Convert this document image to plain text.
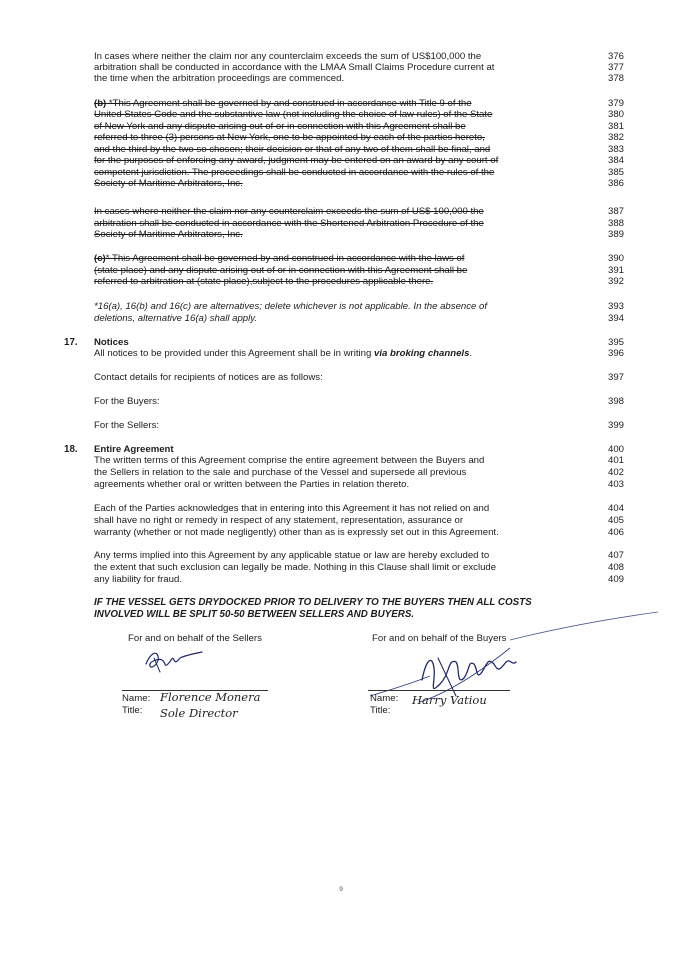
In cases where neither the claim nor any counterclaim exceeds the sum of US$100,000 the	376
arbitration shall be conducted in accordance with the LMAA Small Claims Procedure current at	377
the time when the arbitration proceedings are commenced.	378
(b) *This Agreement shall be governed by and construed in accordance with Title 9 of the	379
United States Code and the substantive law (not including the choice of law rules) of the State	380
of New York and any dispute arising out of or in connection with this Agreement shall be	381
referred to three (3) persons at New York, one to be appointed by each of the parties hereto,	382
and the third by the two so chosen; their decision or that of any two of them shall be final, and	383
for the purposes of enforcing any award, judgment may be entered on an award by any court of	384
competent jurisdiction. The proceedings shall be conducted in accordance with the rules of the	385
Society of Maritime Arbitrators, Inc.	386
In cases where neither the claim nor any counterclaim exceeds the sum of US$ 100,000 the	387
arbitration shall be conducted in accordance with the Shortened Arbitration Procedure of the	388
Society of Maritime Arbitrators, Inc.	389
(c)* This Agreement shall be governed by and construed in accordance with the laws of	390
(state place) and any dispute arising out of or in connection with this Agreement shall be	391
referred to arbitration at (state place),subject to the procedures applicable there.	392
*16(a), 16(b) and 16(c) are alternatives; delete whichever is not applicable. In the absence of	393
deletions, alternative 16(a) shall apply.	394
17. Notices	395
All notices to be provided under this Agreement shall be in writing via broking channels.	396
Contact details for recipients of notices are as follows:	397
For the Buyers:	398
For the Sellers:	399
18. Entire Agreement	400
The written terms of this Agreement comprise the entire agreement between the Buyers and	401
the Sellers in relation to the sale and purchase of the Vessel and supersede all previous	402
agreements whether oral or written between the Parties in relation thereto.	403
Each of the Parties acknowledges that in entering into this Agreement it has not relied on and	404
shall have no right or remedy in respect of any statement, representation, assurance or	405
warranty (whether or not made negligently) other than as is expressly set out in this Agreement.	406
Any terms implied into this Agreement by any applicable statue or law are hereby excluded to	407
the extent that such exclusion can legally be made. Nothing in this Clause shall limit or exclude	408
any liability for fraud.	409
IF THE VESSEL GETS DRYDOCKED PRIOR TO DELIVERY TO THE BUYERS THEN ALL COSTS
INVOLVED WILL BE SPLIT 50-50 BETWEEN SELLERS AND BUYERS.
For and on behalf of the Sellers
Name:
Title:
Florence Monera
Sole Director
For and on behalf of the Buyers
Name:
Title:
Harry Vatiou
9
